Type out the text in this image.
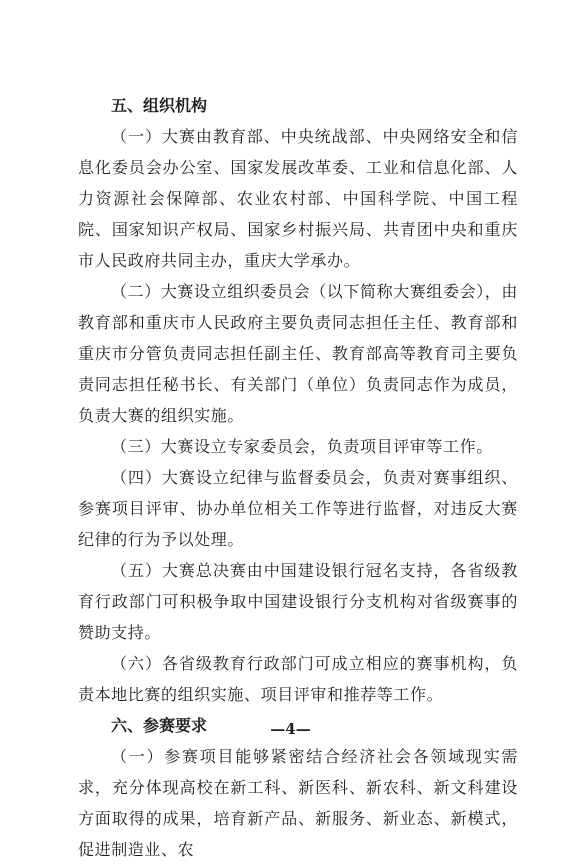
五、组织机构

（一）大赛由教育部、中央统战部、中央网络安全和信息化委员会办公室、国家发展改革委、工业和信息化部、人力资源社会保障部、农业农村部、中国科学院、中国工程院、国家知识产权局、国家乡村振兴局、共青团中央和重庆市人民政府共同主办，重庆大学承办。

（二）大赛设立组织委员会（以下简称大赛组委会），由教育部和重庆市人民政府主要负责同志担任主任、教育部和重庆市分管负责同志担任副主任、教育部高等教育司主要负责同志担任秘书长、有关部门（单位）负责同志作为成员，负责大赛的组织实施。

（三）大赛设立专家委员会，负责项目评审等工作。

（四）大赛设立纪律与监督委员会，负责对赛事组织、参赛项目评审、协办单位相关工作等进行监督，对违反大赛纪律的行为予以处理。

（五）大赛总决赛由中国建设银行冠名支持，各省级教育行政部门可积极争取中国建设银行分支机构对省级赛事的赞助支持。

（六）各省级教育行政部门可成立相应的赛事机构，负责本地比赛的组织实施、项目评审和推荐等工作。

六、参赛要求

（一）参赛项目能够紧密结合经济社会各领域现实需求，充分体现高校在新工科、新医科、新农科、新文科建设方面取得的成果，培育新产品、新服务、新业态、新模式，促进制造业、农

—4—
